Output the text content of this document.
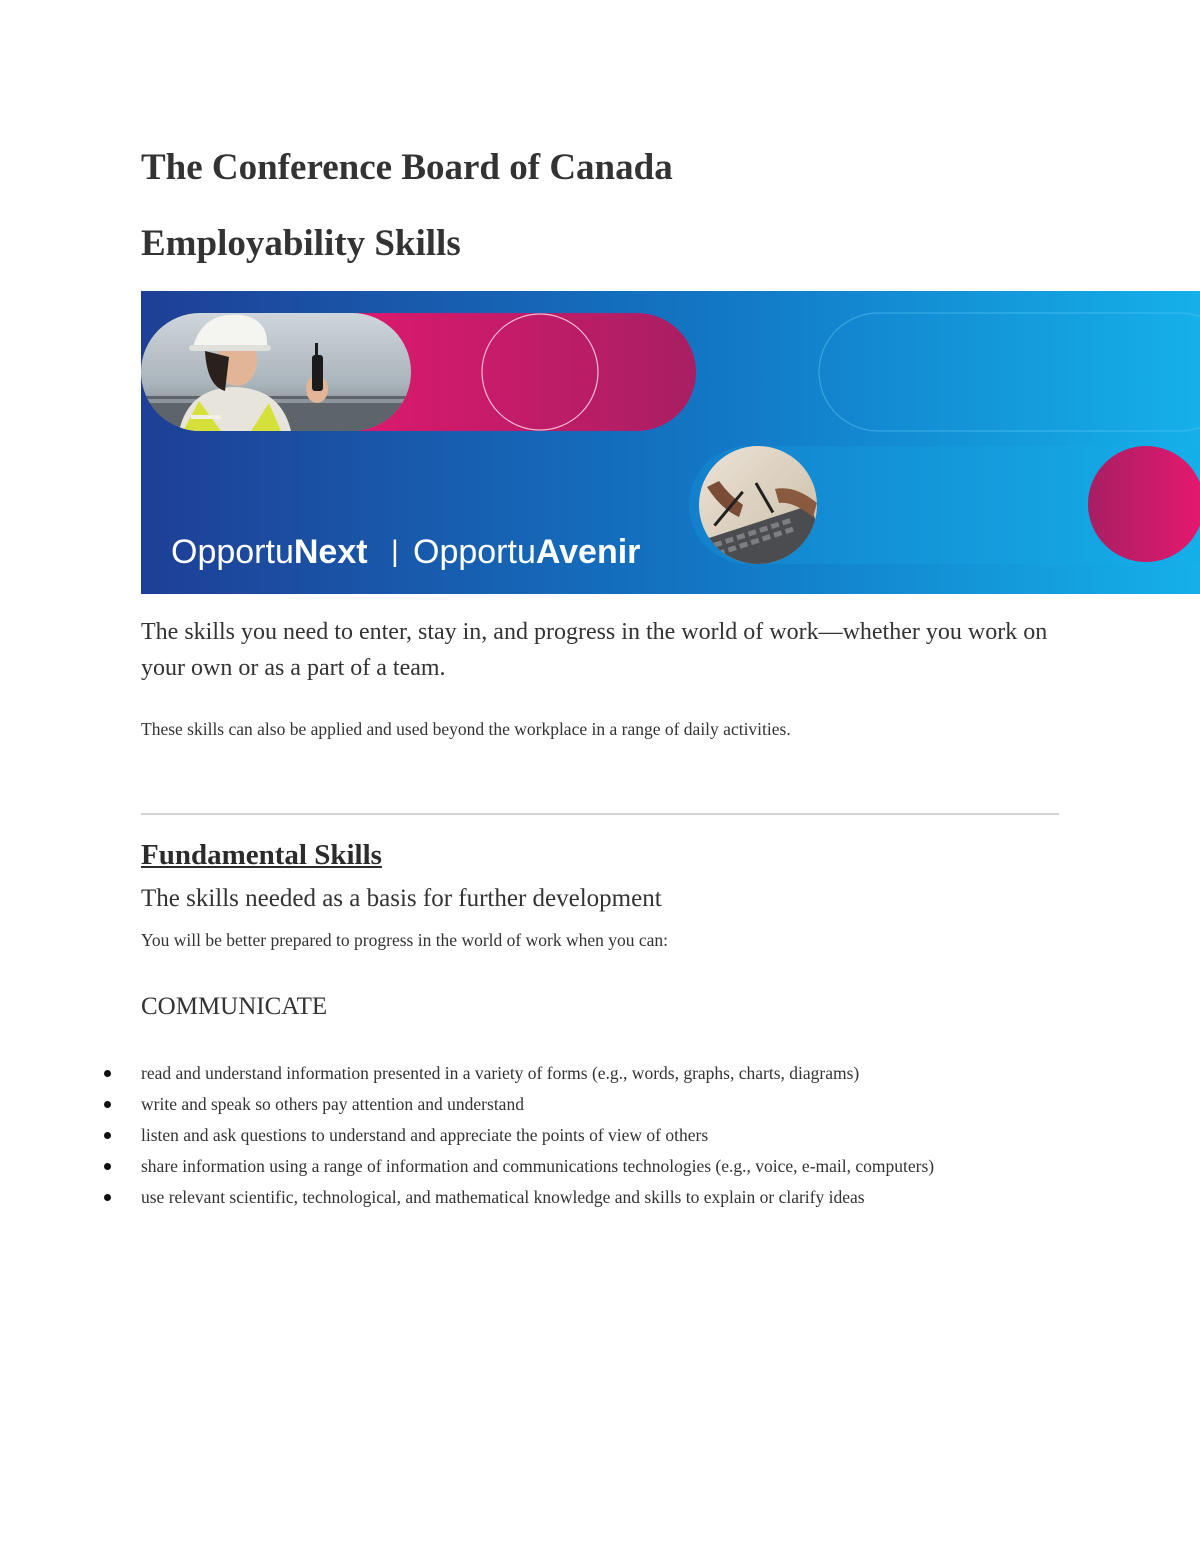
The Conference Board of Canada
Employability Skills
OpportuNext | OpportuAvenir

The skills you need to enter, stay in, and progress in the world of work—whether you work on your own or as a part of a team.

These skills can also be applied and used beyond the workplace in a range of daily activities.

Fundamental Skills

The skills needed as a basis for further development

You will be better prepared to progress in the world of work when you can:

COMMUNICATE

read and understand information presented in a variety of forms (e.g., words, graphs, charts, diagrams)
write and speak so others pay attention and understand
listen and ask questions to understand and appreciate the points of view of others
share information using a range of information and communications technologies (e.g., voice, e-mail, computers)
use relevant scientific, technological, and mathematical knowledge and skills to explain or clarify ideas
